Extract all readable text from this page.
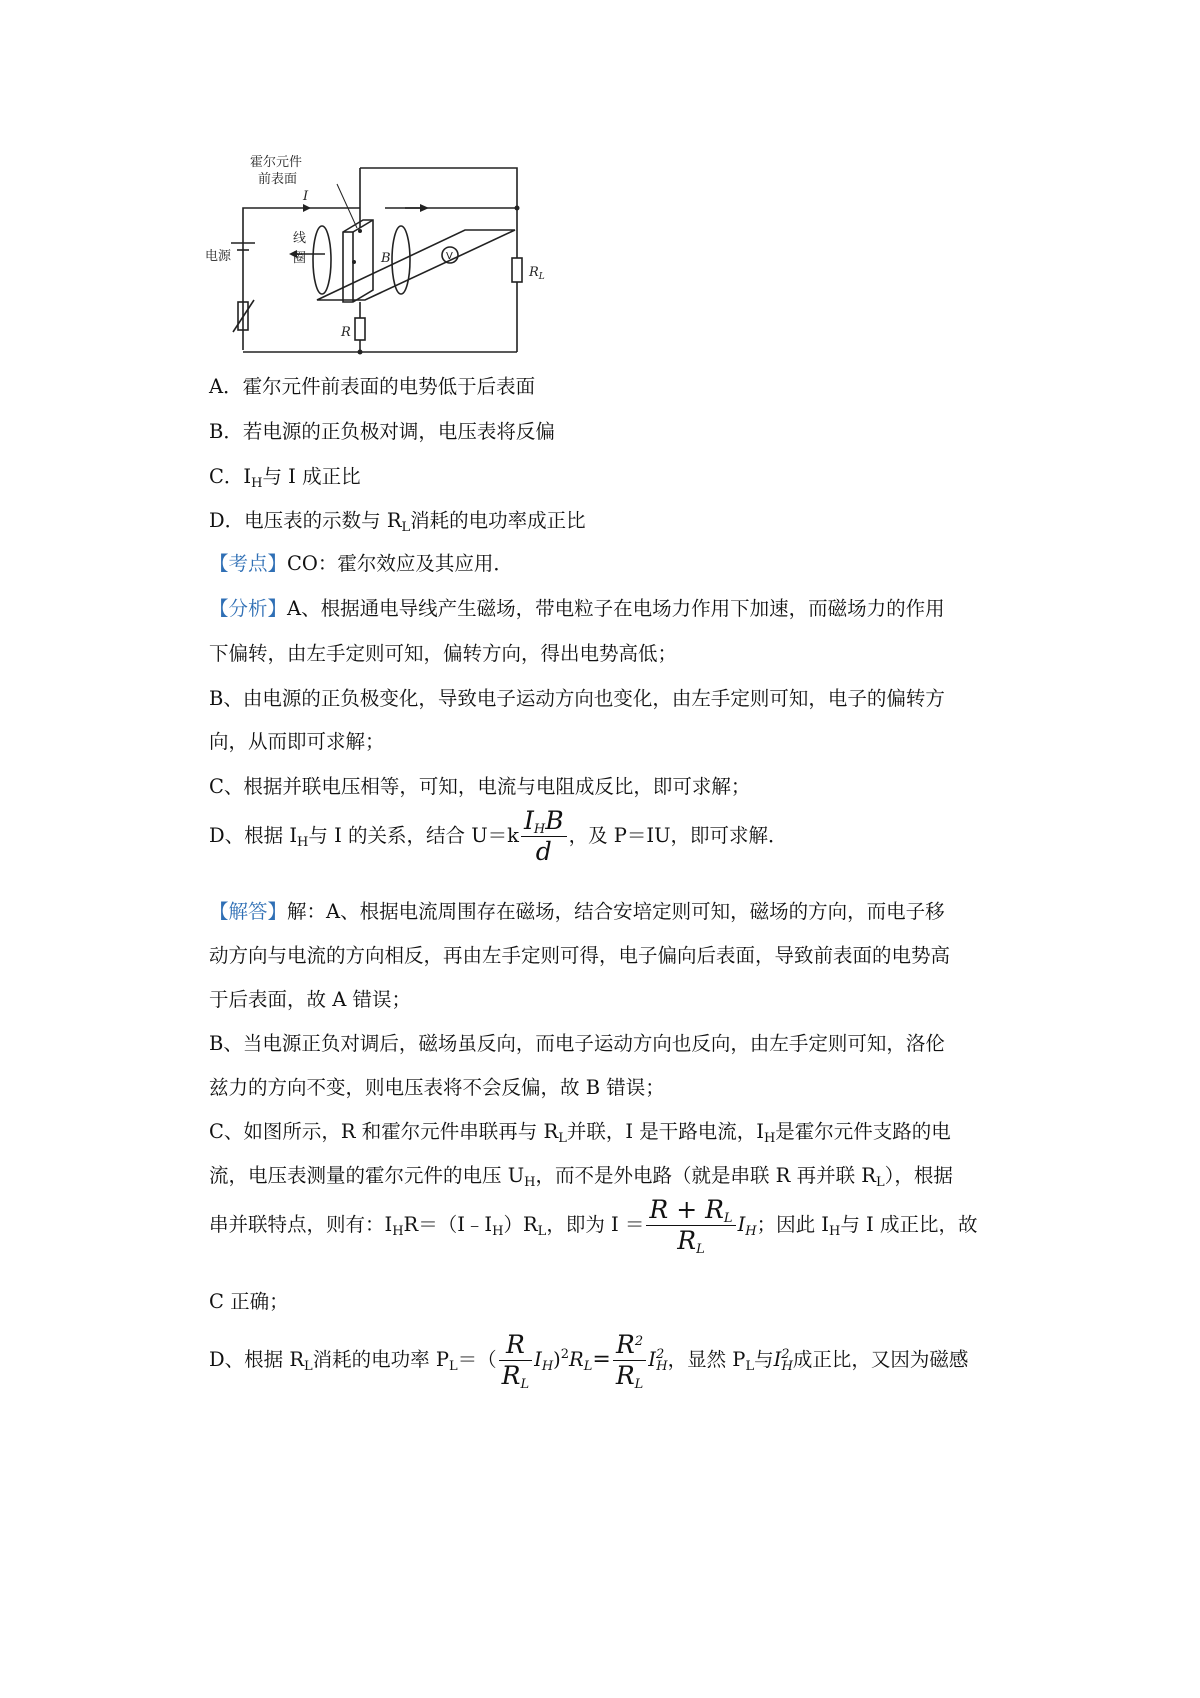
霍尔元件
前表面
电源
线
圈
I
B
R
$R_L$
V
A．霍尔元件前表面的电势低于后表面
B．若电源的正负极对调，电压表将反偏
C．$I_H$与 I 成正比
D．电压表的示数与 $R_L$消耗的电功率成正比
【考点】CO：霍尔效应及其应用．
【分析】A、根据通电导线产生磁场，带电粒子在电场力作用下加速，而磁场力的作用
下偏转，由左手定则可知，偏转方向，得出电势高低；
B、由电源的正负极变化，导致电子运动方向也变化，由左手定则可知，电子的偏转方
向，从而即可求解；
C、根据并联电压相等，可知，电流与电阻成反比，即可求解；
D、根据 $I_H$与 I 的关系，结合 $U=k \frac{I_HB}{d}$ ，及 P＝IU，即可求解．
【解答】解：A、根据电流周围存在磁场，结合安培定则可知，磁场的方向，而电子移
动方向与电流的方向相反，再由左手定则可得，电子偏向后表面，导致前表面的电势高
于后表面，故 A 错误；
B、当电源正负对调后，磁场虽反向，而电子运动方向也反向，由左手定则可知，洛伦
兹力的方向不变，则电压表将不会反偏，故 B 错误；
C、如图所示，R 和霍尔元件串联再与 $R_L$并联，I 是干路电流，$I_H$是霍尔元件支路的电
流，电压表测量的霍尔元件的电压 $U_H$，而不是外电路（就是串联 R 再并联 $R_L$），根据
串并联特点，则有：$I_HR=(I﹣I_H)R_L$，即为 $I = \frac{R + R_L}{R_L} I_H$；因此 $I_H$与 I 成正比，故
C 正确；
D、根据 $R_L$消耗的电功率 $P_L=( \frac{R}{R_L} I_H)^2R_L= \frac{R^2}{R_L} I^2_H$，显然 $P_L$与$I^2_H$成正比，又因为磁感
